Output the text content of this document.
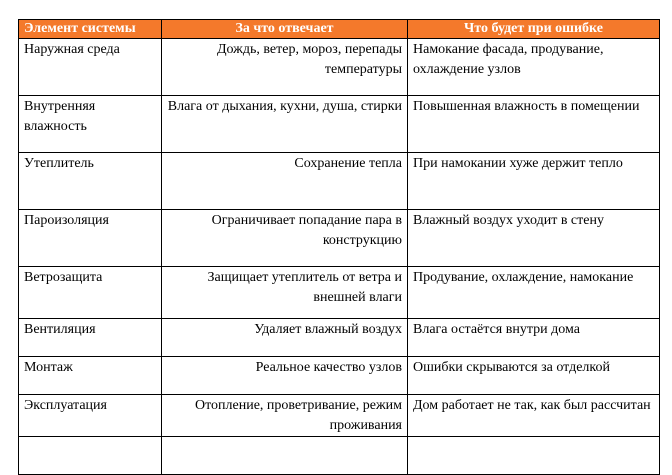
Элемент системы	За что отвечает	Что будет при ошибке
Наружная среда	Дождь, ветер, мороз, перепады температуры	Намокание фасада, продувание, охлаждение узлов
Внутренняя влажность	Влага от дыхания, кухни, душа, стирки	Повышенная влажность в помещении
Утеплитель	Сохранение тепла	При намокании хуже держит тепло
Пароизоляция	Ограничивает попадание пара в конструкцию	Влажный воздух уходит в стену
Ветрозащита	Защищает утеплитель от ветра и внешней влаги	Продувание, охлаждение, намокание
Вентиляция	Удаляет влажный воздух	Влага остаётся внутри дома
Монтаж	Реальное качество узлов	Ошибки скрываются за отделкой
Эксплуатация	Отопление, проветривание, режим проживания	Дом работает не так, как был рассчитан
